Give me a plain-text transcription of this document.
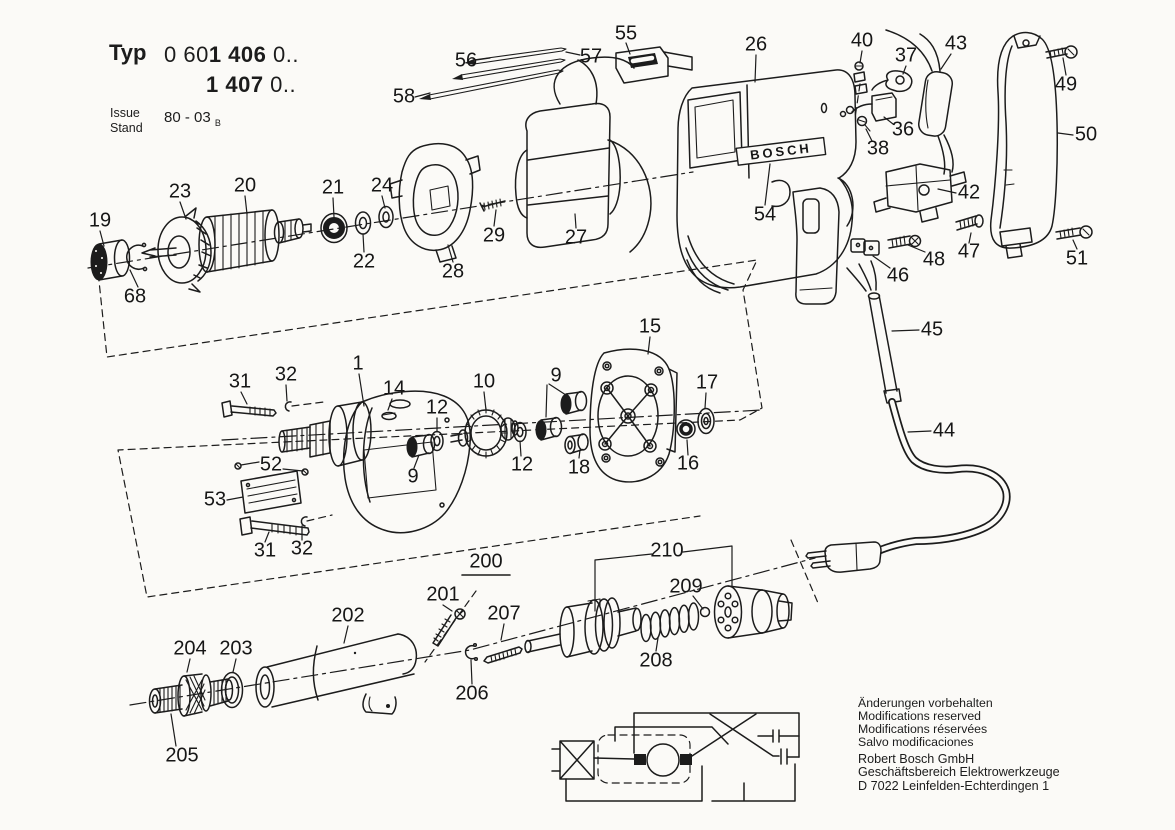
BOSCH
19
23 20	21 24
22
68
28
29	27
55
56	57
58
26	40
37
43
36
38
49
50
51
42
54
47
48
46
45
44
15
17
16
18
12
12
9
9
10
14
1
31 32
31 32
52
53
200	210
209
208
207
206
201
202
203
204
205
Typ 0 601 406 0..
1 407 0..
Issue
Stand
80 - 03 $_B$
Änderungen vorbehalten
Modifications reserved
Modifications réservées
Salvo modificaciones
Robert Bosch GmbH
Geschäftsbereich Elektrowerkzeuge
D 7022 Leinfelden-Echterdingen 1
